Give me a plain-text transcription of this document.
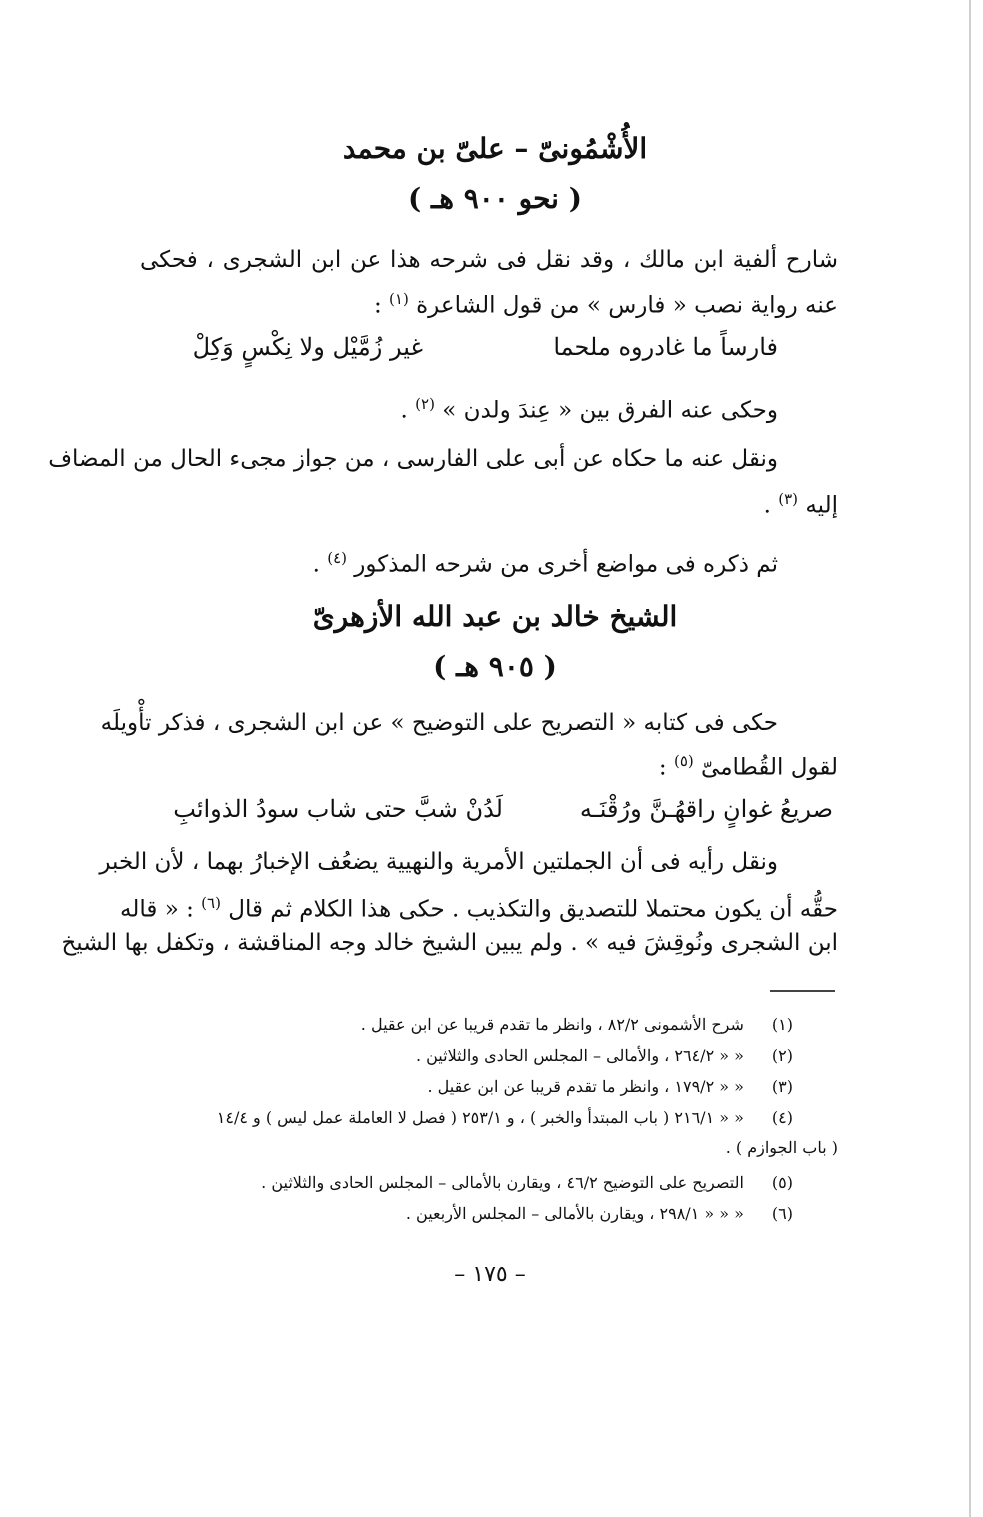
الأُشْمُونىّ – علىّ بن محمد
( نحو ٩٠٠ هـ )
شارح ألفية ابن مالك ، وقد نقل فى شرحه هذا عن ابن الشجرى ، فحكى
عنه رواية نصب « فارس » من قول الشاعرة $^{(١)}$ :
فارساً ما غادروه ملحما
غير زُمَّيْل ولا نِكْسٍ وَكِلْ
وحكى عنه الفرق بين « عِندَ ولدن » $^{(٢)}$ .
ونقل عنه ما حكاه عن أبى على الفارسى ، من جواز مجىء الحال من المضاف
إليه $^{(٣)}$ .
ثم ذكره فى مواضع أخرى من شرحه المذكور $^{(٤)}$ .
الشيخ خالد بن عبد الله الأزهرىّ
( ٩٠٥ هـ )
حكى فى كتابه « التصريح على التوضيح » عن ابن الشجرى ، فذكر تأْويلَه
لقول القُطامىّ $^{(٥)}$ :
صريعُ غوانٍ راقهُـنَّ ورُقْنَـه
لَدُنْ شبَّ حتى شاب سودُ الذوائبِ
ونقل رأيه فى أن الجملتين الأمرية والنهيية يضعُف الإخبارُ بهما ، لأن الخبر
حقُّه أن يكون محتملا للتصديق والتكذيب . حكى هذا الكلام ثم قال $^{(٦)}$ : « قاله
ابن الشجرى ونُوقِشَ فيه » . ولم يبين الشيخ خالد وجه المناقشة ، وتكفل بها الشيخ
(١) شرح الأشمونى ٨٢/٢ ، وانظر ما تقدم قريبا عن ابن عقيل .
(٢) « « ٢٦٤/٢ ، والأمالى – المجلس الحادى والثلاثين .
(٣) « « ١٧٩/٢ ، وانظر ما تقدم قريبا عن ابن عقيل .
(٤) « « ٢١٦/١ ( باب المبتدأ والخبر ) ، و ٢٥٣/١ ( فصل لا العاملة عمل ليس ) و ١٤/٤
( باب الجوازم ) .
(٥) التصريح على التوضيح ٤٦/٢ ، ويقارن بالأمالى – المجلس الحادى والثلاثين .
(٦) « « « ٢٩٨/١ ، ويقارن بالأمالى – المجلس الأربعين .
– ١٧٥ –
